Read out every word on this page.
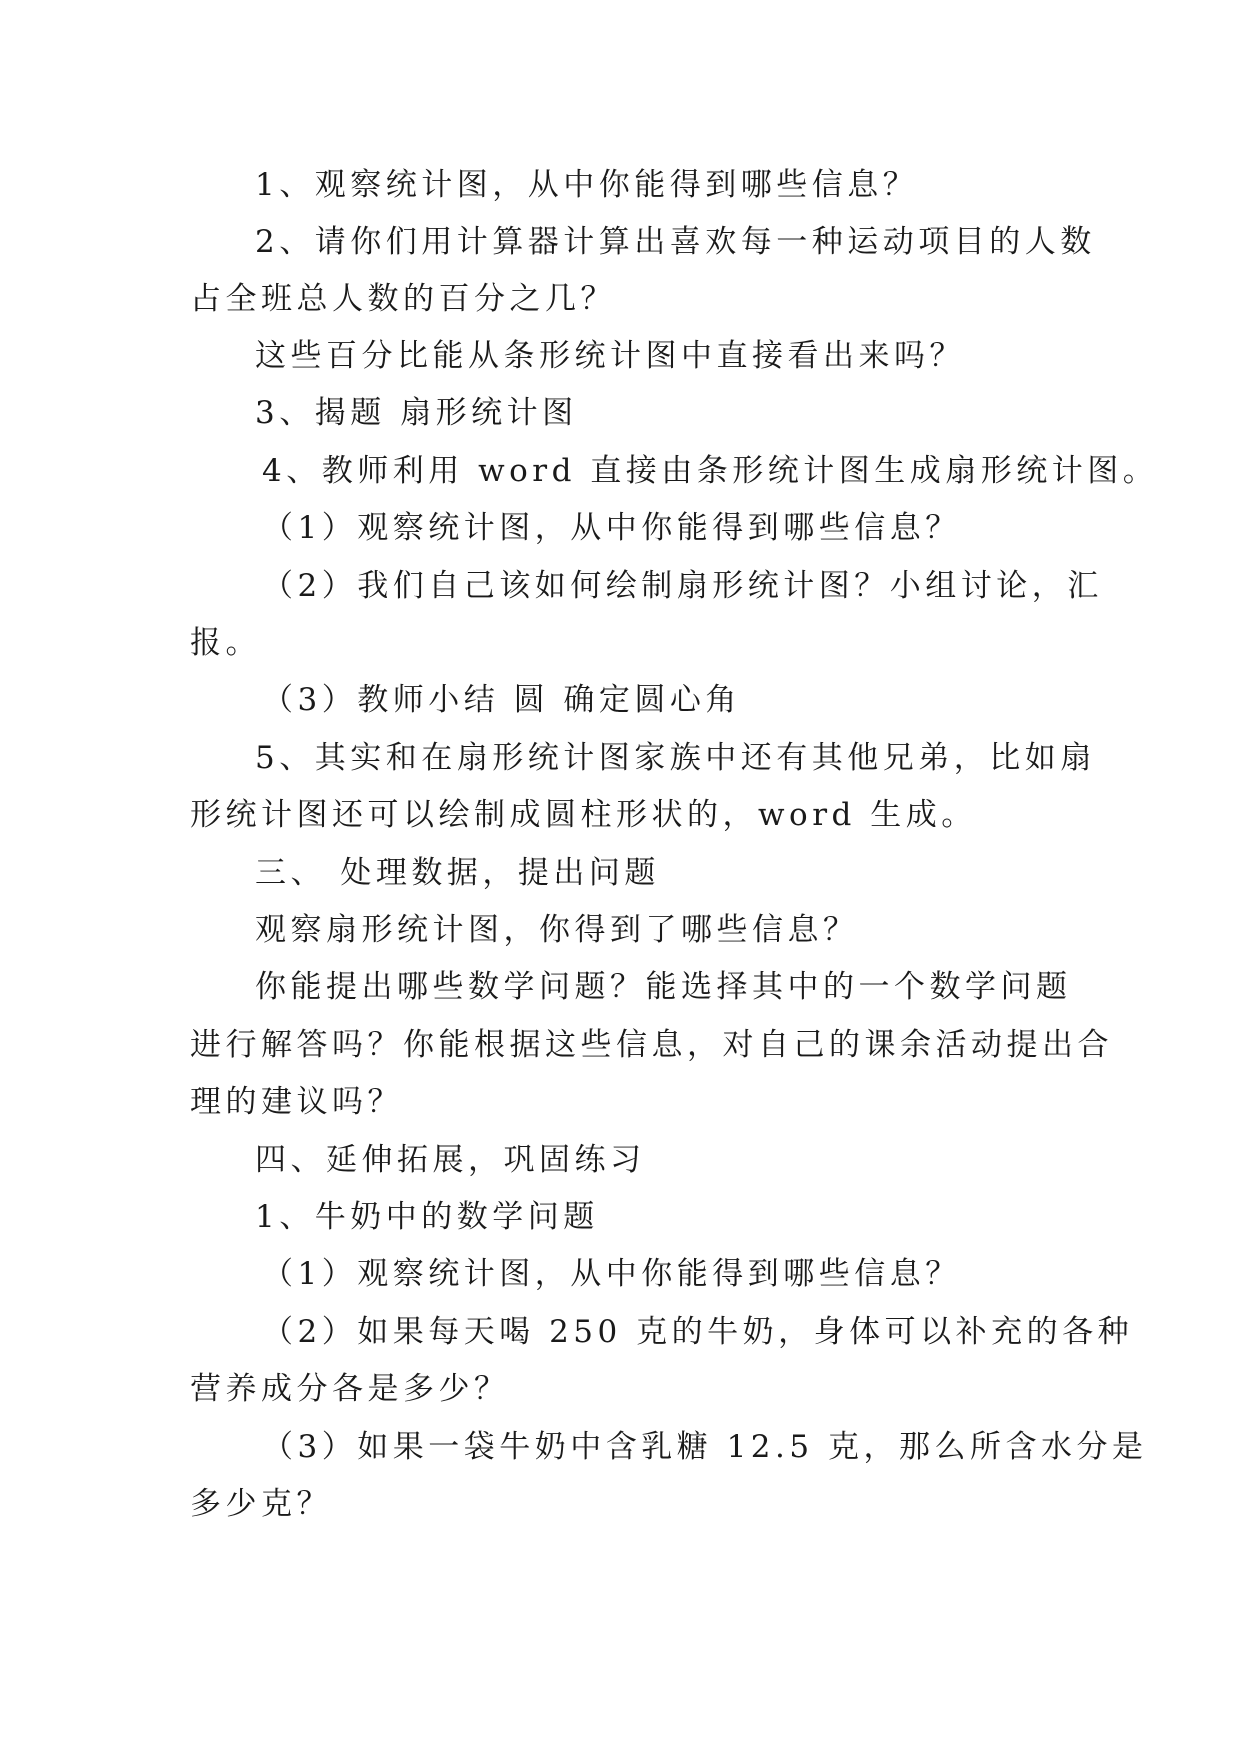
1、观察统计图，从中你能得到哪些信息？

2、请你们用计算器计算出喜欢每一种运动项目的人数

占全班总人数的百分之几？

这些百分比能从条形统计图中直接看出来吗？

3、揭题 扇形统计图

4、教师利用 word 直接由条形统计图生成扇形统计图。

（1）观察统计图，从中你能得到哪些信息？

（2）我们自己该如何绘制扇形统计图？小组讨论，汇

报。

（3）教师小结 圆 确定圆心角

5、其实和在扇形统计图家族中还有其他兄弟，比如扇

形统计图还可以绘制成圆柱形状的，word 生成。

三、 处理数据，提出问题

观察扇形统计图，你得到了哪些信息？

你能提出哪些数学问题？能选择其中的一个数学问题

进行解答吗？你能根据这些信息，对自己的课余活动提出合

理的建议吗？

四、延伸拓展，巩固练习

1、牛奶中的数学问题

（1）观察统计图，从中你能得到哪些信息？

（2）如果每天喝 250 克的牛奶，身体可以补充的各种

营养成分各是多少？

（3）如果一袋牛奶中含乳糖 12.5 克，那么所含水分是

多少克？
